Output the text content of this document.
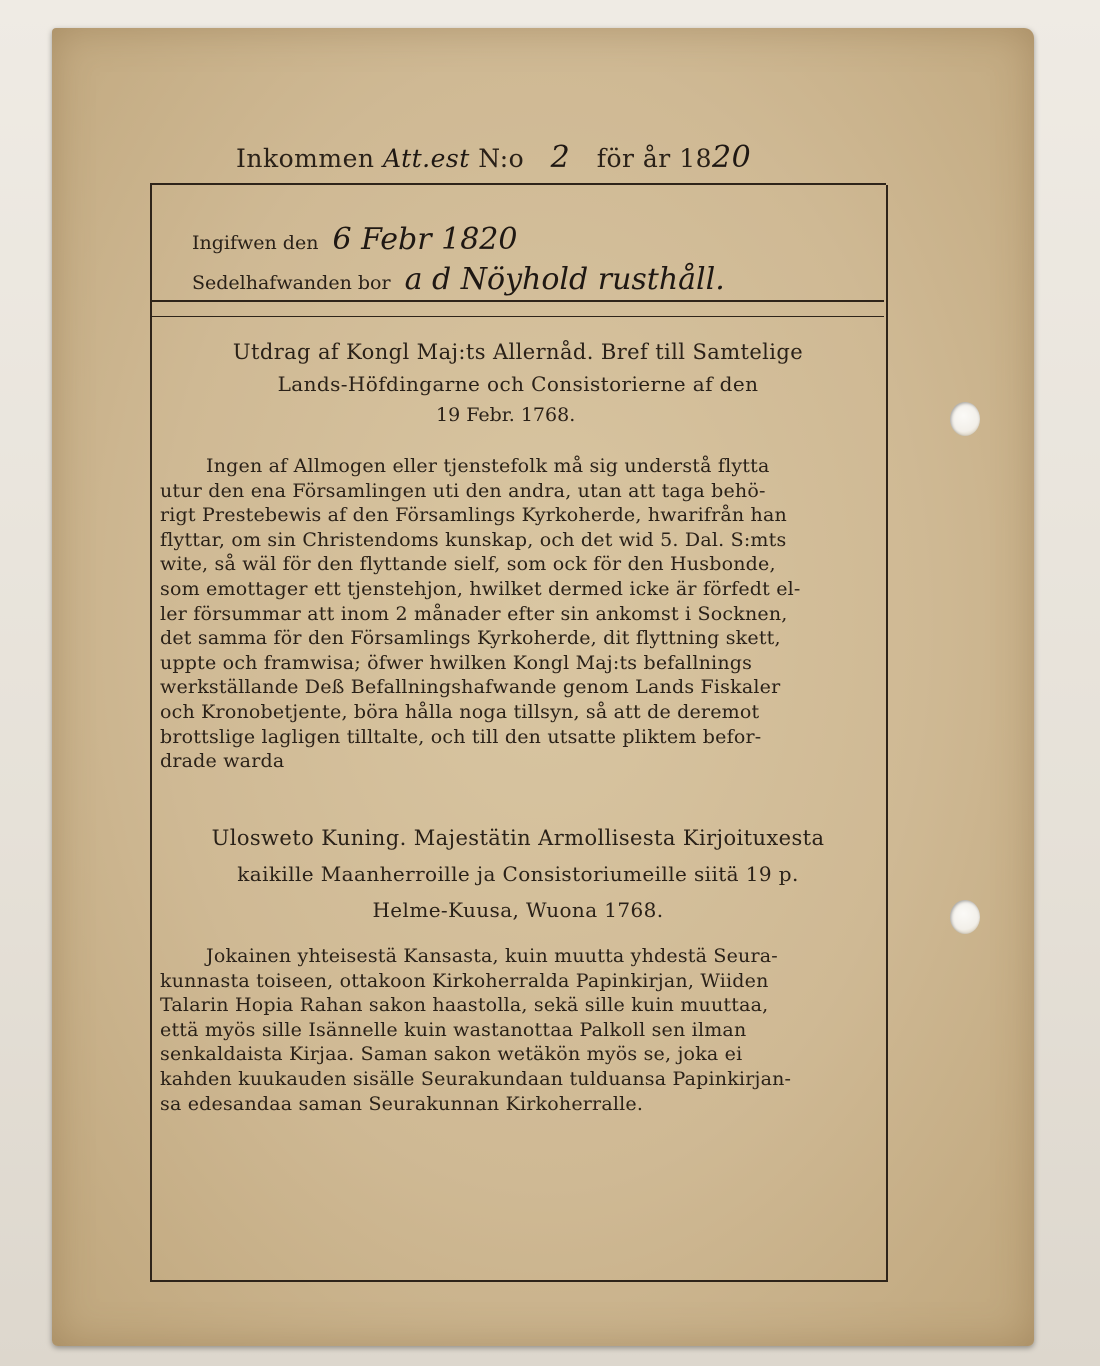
Inkommen Att.est N:o 2 för år 1820
Ingifwen den 6 Febr 1820
Sedelhafwanden bor a d Nöyhold rusthåll.
Utdrag af Kongl Maj:ts Allernåd. Bref till Samtelige
Lands-Höfdingarne och Consistorierne af den
19 Febr. 1768.
Ingen af Allmogen eller tjenstefolk må sig understå flytta
utur den ena Församlingen uti den andra, utan att taga behö-
rigt Prestebewis af den Församlings Kyrkoherde, hwarifrån han
flyttar, om sin Christendoms kunskap, och det wid 5. Dal. S:mts
wite, så wäl för den flyttande sielf, som ock för den Husbonde,
som emottager ett tjenstehjon, hwilket dermed icke är förfedt el-
ler försummar att inom 2 månader efter sin ankomst i Socknen,
det samma för den Församlings Kyrkoherde, dit flyttning skett,
uppte och framwisa; öfwer hwilken Kongl Maj:ts befallnings
werkställande Deß Befallningshafwande genom Lands Fiskaler
och Kronobetjente, böra hålla noga tillsyn, så att de deremot
brottslige lagligen tilltalte, och till den utsatte pliktem befor-
drade warda
Ulosweto Kuning. Majestätin Armollisesta Kirjoituxesta
kaikille Maanherroille ja Consistoriumeille siitä 19 p.
Helme-Kuusa, Wuona 1768.
Jokainen yhteisestä Kansasta, kuin muutta yhdestä Seura-
kunnasta toiseen, ottakoon Kirkoherralda Papinkirjan, Wiiden
Talarin Hopia Rahan sakon haastolla, sekä sille kuin muuttaa,
että myös sille Isännelle kuin wastanottaa Palkoll sen ilman
senkaldaista Kirjaa. Saman sakon wetäkön myös se, joka ei
kahden kuukauden sisälle Seurakundaan tulduansa Papinkirjan-
sa edesandaa saman Seurakunnan Kirkoherralle.
